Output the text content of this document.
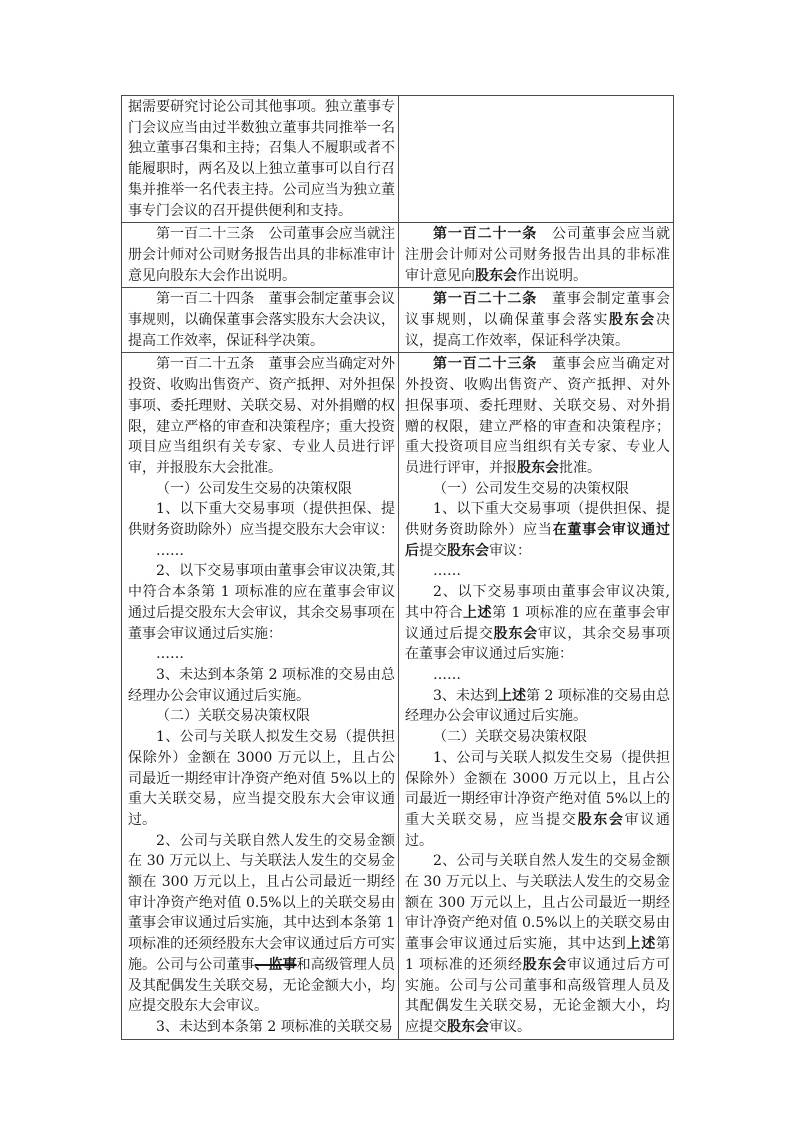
据需要研究讨论公司其他事项。独立董事专门会议应当由过半数独立董事共同推举一名独立董事召集和主持；召集人不履职或者不能履职时，两名及以上独立董事可以自行召集并推举一名代表主持。公司应当为独立董事专门会议的召开提供便利和支持。

第一百二十三条　公司董事会应当就注册会计师对公司财务报告出具的非标准审计意见向股东大会作出说明。

第一百二十一条　公司董事会应当就注册会计师对公司财务报告出具的非标准审计意见向股东会作出说明。

第一百二十四条　董事会制定董事会议事规则，以确保董事会落实股东大会决议，提高工作效率，保证科学决策。

第一百二十二条　董事会制定董事会议事规则，以确保董事会落实股东会决议，提高工作效率，保证科学决策。

第一百二十五条　董事会应当确定对外投资、收购出售资产、资产抵押、对外担保事项、委托理财、关联交易、对外捐赠的权限，建立严格的审查和决策程序；重大投资项目应当组织有关专家、专业人员进行评审，并报股东大会批准。

（一）公司发生交易的决策权限

1、以下重大交易事项（提供担保、提供财务资助除外）应当提交股东大会审议：

……

2、以下交易事项由董事会审议决策,其中符合本条第 1 项标准的应在董事会审议通过后提交股东大会审议，其余交易事项在董事会审议通过后实施：

……

3、未达到本条第 2 项标准的交易由总经理办公会审议通过后实施。

（二）关联交易决策权限

1、公司与关联人拟发生交易（提供担保除外）金额在 3000 万元以上，且占公司最近一期经审计净资产绝对值 5%以上的重大关联交易，应当提交股东大会审议通过。

2、公司与关联自然人发生的交易金额在 30 万元以上、与关联法人发生的交易金额在 300 万元以上，且占公司最近一期经审计净资产绝对值 0.5%以上的关联交易由董事会审议通过后实施，其中达到本条第 1 项标准的还须经股东大会审议通过后方可实施。公司与公司董事、监事和高级管理人员及其配偶发生关联交易，无论金额大小，均应提交股东大会审议。

3、未达到本条第 2 项标准的关联交易

第一百二十三条　董事会应当确定对外投资、收购出售资产、资产抵押、对外担保事项、委托理财、关联交易、对外捐赠的权限，建立严格的审查和决策程序；重大投资项目应当组织有关专家、专业人员进行评审，并报股东会批准。

（一）公司发生交易的决策权限

1、以下重大交易事项（提供担保、提供财务资助除外）应当在董事会审议通过后提交股东会审议：

……

2、以下交易事项由董事会审议决策,其中符合上述第 1 项标准的应在董事会审议通过后提交股东会审议，其余交易事项在董事会审议通过后实施：

……

3、未达到上述第 2 项标准的交易由总经理办公会审议通过后实施。

（二）关联交易决策权限

1、公司与关联人拟发生交易（提供担保除外）金额在 3000 万元以上，且占公司最近一期经审计净资产绝对值 5%以上的重大关联交易，应当提交股东会审议通过。

2、公司与关联自然人发生的交易金额在 30 万元以上、与关联法人发生的交易金额在 300 万元以上，且占公司最近一期经审计净资产绝对值 0.5%以上的关联交易由董事会审议通过后实施，其中达到上述第 1 项标准的还须经股东会审议通过后方可实施。公司与公司董事和高级管理人员及其配偶发生关联交易，无论金额大小，均应提交股东会审议。
